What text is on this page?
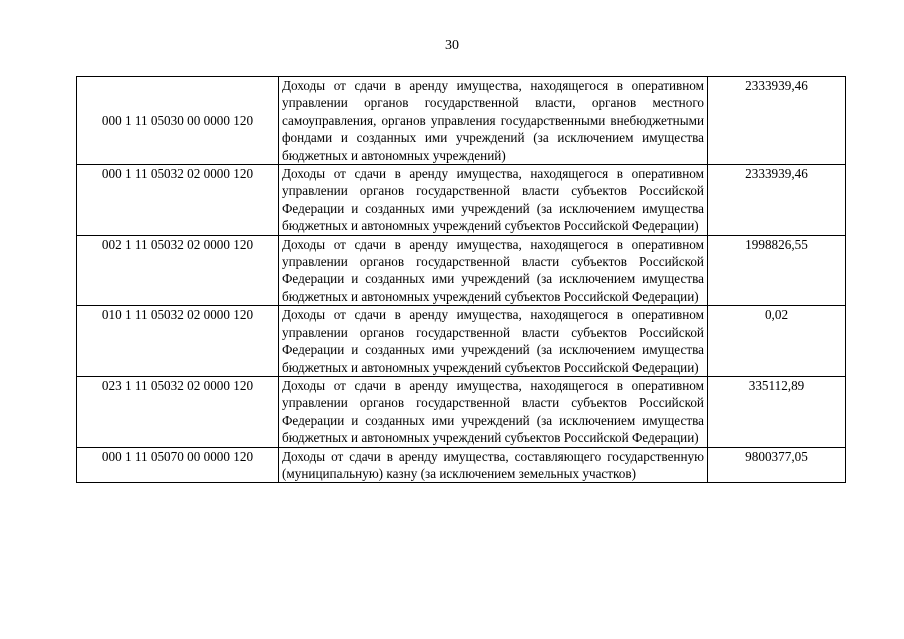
30
000 1 11 05030 00 0000 120	Доходы от сдачи в аренду имущества, находящегося в оперативном управлении органов государственной власти, органов местного самоуправления, органов управления государственными внебюджетными фондами и созданных ими учреждений (за исключением имущества бюджетных и автономных учреждений)	2333939,46
000 1 11 05032 02 0000 120	Доходы от сдачи в аренду имущества, находящегося в оперативном управлении органов государственной власти субъектов Российской Федерации и созданных ими учреждений (за исключением имущества бюджетных и автономных учреждений субъектов Российской Федерации)	2333939,46
002 1 11 05032 02 0000 120	Доходы от сдачи в аренду имущества, находящегося в оперативном управлении органов государственной власти субъектов Российской Федерации и созданных ими учреждений (за исключением имущества бюджетных и автономных учреждений субъектов Российской Федерации)	1998826,55
010 1 11 05032 02 0000 120	Доходы от сдачи в аренду имущества, находящегося в оперативном управлении органов государственной власти субъектов Российской Федерации и созданных ими учреждений (за исключением имущества бюджетных и автономных учреждений субъектов Российской Федерации)	0,02
023 1 11 05032 02 0000 120	Доходы от сдачи в аренду имущества, находящегося в оперативном управлении органов государственной власти субъектов Российской Федерации и созданных ими учреждений (за исключением имущества бюджетных и автономных учреждений субъектов Российской Федерации)	335112,89
000 1 11 05070 00 0000 120	Доходы от сдачи в аренду имущества, составляющего государственную (муниципальную) казну (за исключением земельных участков)	9800377,05
